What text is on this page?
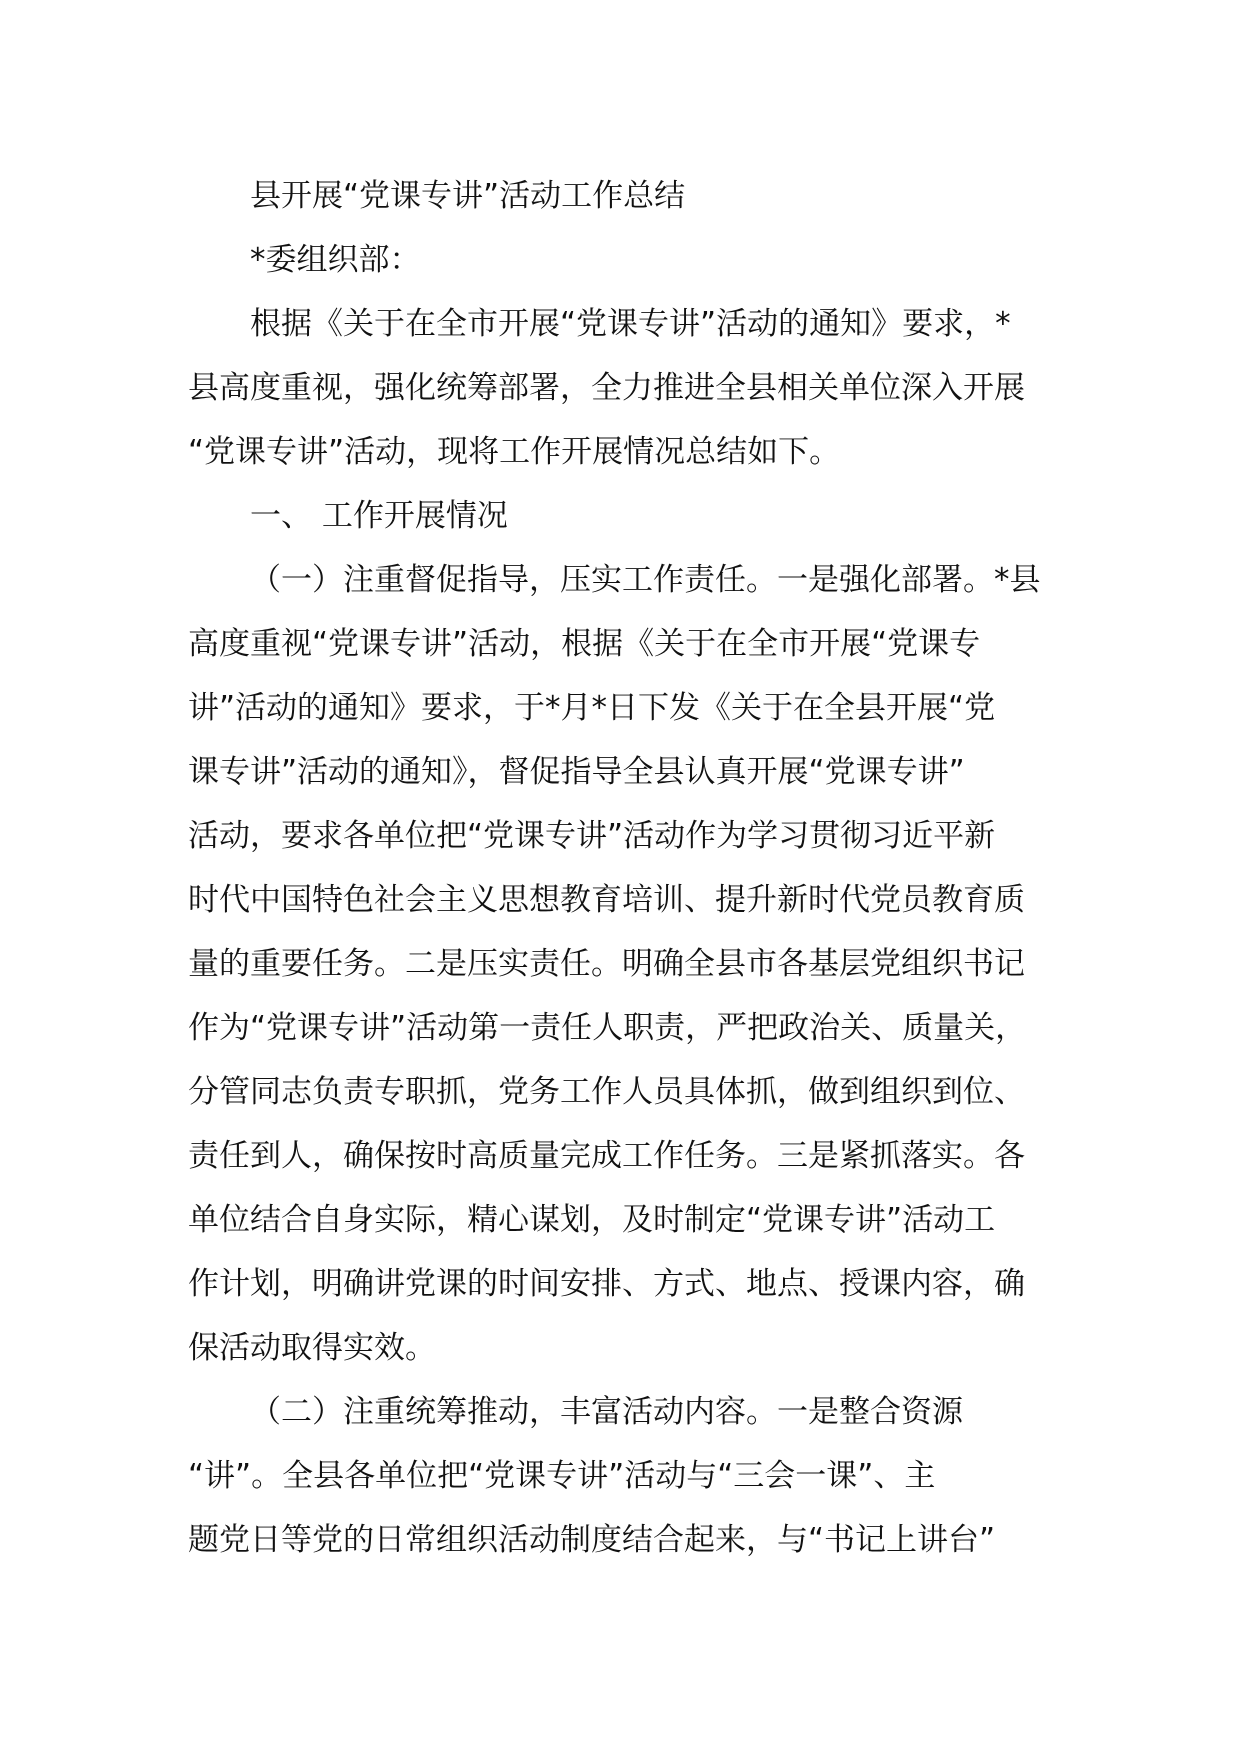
县开展“党课专讲”活动工作总结
*委组织部：
根据《关于在全市开展“党课专讲”活动的通知》要求，*
县高度重视，强化统筹部署，全力推进全县相关单位深入开展
“党课专讲”活动，现将工作开展情况总结如下。
一、 工作开展情况
（一）注重督促指导，压实工作责任。一是强化部署。*县
高度重视“党课专讲”活动，根据《关于在全市开展“党课专
讲”活动的通知》要求，于*月*日下发《关于在全县开展“党
课专讲”活动的通知》，督促指导全县认真开展“党课专讲”
活动，要求各单位把“党课专讲”活动作为学习贯彻习近平新
时代中国特色社会主义思想教育培训、提升新时代党员教育质
量的重要任务。二是压实责任。明确全县市各基层党组织书记
作为“党课专讲”活动第一责任人职责，严把政治关、质量关，
分管同志负责专职抓，党务工作人员具体抓，做到组织到位、
责任到人，确保按时高质量完成工作任务。三是紧抓落实。各
单位结合自身实际，精心谋划，及时制定“党课专讲”活动工
作计划，明确讲党课的时间安排、方式、地点、授课内容，确
保活动取得实效。
（二）注重统筹推动，丰富活动内容。一是整合资源
“讲”。全县各单位把“党课专讲”活动与“三会一课”、主
题党日等党的日常组织活动制度结合起来，与“书记上讲台”
